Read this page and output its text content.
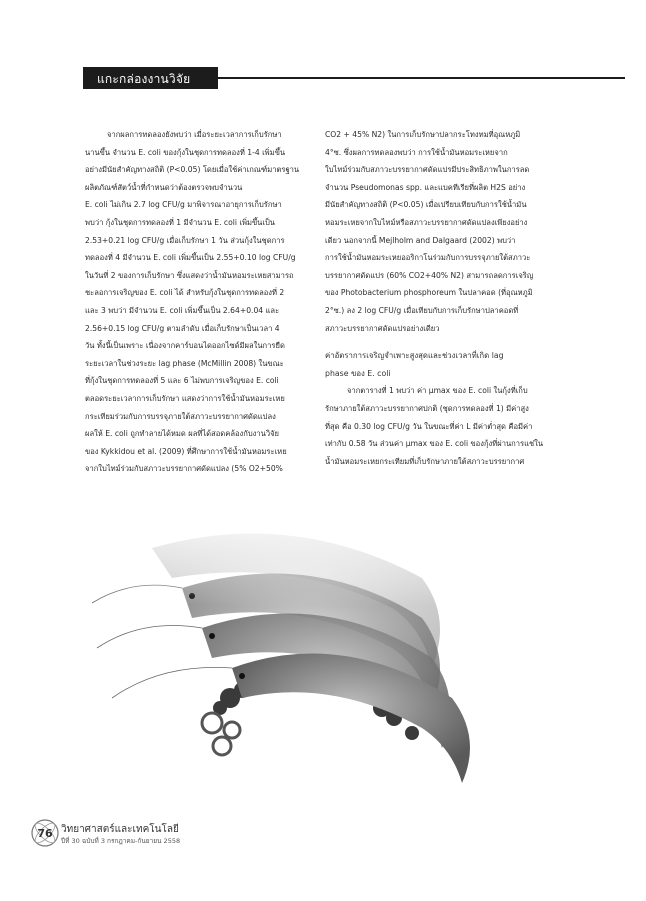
แกะกล่องงานวิจัย
จากผลการทดลองยังพบว่า เมื่อระยะเวลาการเก็บรักษา
นานขึ้น จำนวน E. coli ของกุ้งในชุดการทดลองที่ 1-4 เพิ่มขึ้น
อย่างมีนัยสำคัญทางสถิติ (P<0.05) โดยเมื่อใช้ค่าเกณฑ์มาตรฐาน
ผลิตภัณฑ์สัตว์น้ำที่กำหนดว่าต้องตรวจพบจำนวน
E. coli ไม่เกิน 2.7 log CFU/g มาพิจารณาอายุการเก็บรักษา
พบว่า กุ้งในชุดการทดลองที่ 1 มีจำนวน E. coli เพิ่มขึ้นเป็น
2.53+0.21 log CFU/g เมื่อเก็บรักษา 1 วัน ส่วนกุ้งในชุดการ
ทดลองที่ 4 มีจำนวน E. coli เพิ่มขึ้นเป็น 2.55+0.10 log CFU/g
ในวันที่ 2 ของการเก็บรักษา ซึ่งแสดงว่าน้ำมันหอมระเหยสามารถ
ชะลอการเจริญของ E. coli ได้ สำหรับกุ้งในชุดการทดลองที่ 2
และ 3 พบว่า มีจำนวน E. coli เพิ่มขึ้นเป็น 2.64+0.04 และ
2.56+0.15 log CFU/g ตามลำดับ เมื่อเก็บรักษาเป็นเวลา 4
วัน ทั้งนี้เป็นเพราะ เนื่องจากคาร์บอนไดออกไซด์มีผลในการยืด
ระยะเวลาในช่วงระยะ lag phase (McMillin 2008) ในขณะ
ที่กุ้งในชุดการทดลองที่ 5 และ 6 ไม่พบการเจริญของ E. coli
ตลอดระยะเวลาการเก็บรักษา แสดงว่าการใช้น้ำมันหอมระเหย
กระเทียมร่วมกับการบรรจุภายใต้สภาวะบรรยากาศดัดแปลง
ผลให้ E. coli ถูกทำลายได้หมด ผลที่ได้สอดคล้องกับงานวิจัย
ของ Kykkidou et al. (2009) ที่ศึกษาการใช้น้ำมันหอมระเหย
จากใบไทม์ร่วมกับสภาวะบรรยากาศดัดแปลง (5% O2+50%
CO2 + 45% N2) ในการเก็บรักษาปลากระโทงทมที่อุณหภูมิ
4°ซ. ซึ่งผลการทดลองพบว่า การใช้น้ำมันหอมระเหยจาก
ใบไทม์ร่วมกับสภาวะบรรยากาศดัดแปรมีประสิทธิภาพในการลด
จำนวน Pseudomonas spp. และแบคทีเรียที่ผลิต H2S อย่าง
มีนัยสำคัญทางสถิติ (P<0.05) เมื่อเปรียบเทียบกับการใช้น้ำมัน
หอมระเหยจากใบไทม์หรือสภาวะบรรยากาศดัดแปลงเพียงอย่าง
เดียว นอกจากนี้ Mejlholm and Dalgaard (2002) พบว่า
การใช้น้ำมันหอมระเหยออริกาโนร่วมกับการบรรจุภายใต้สภาวะ
บรรยากาศดัดแปร (60% CO2+40% N2) สามารถลดการเจริญ
ของ Photobacterium phosphoreum ในปลาคอด (ที่อุณหภูมิ
2°ซ.) ลง 2 log CFU/g เมื่อเทียบกับการเก็บรักษาปลาคอดที่
สภาวะบรรยากาศดัดแปรอย่างเดียว
ค่าอัตราการเจริญจำเพาะสูงสุดและช่วงเวลาที่เกิด lag
phase ของ E. coli
จากตารางที่ 1 พบว่า ค่า μmax ของ E. coli ในกุ้งที่เก็บ
รักษาภายใต้สภาวะบรรยากาศปกติ (ชุดการทดลองที่ 1) มีค่าสูง
ที่สุด คือ 0.30 log CFU/g วัน ในขณะที่ค่า L มีค่าต่ำสุด คือมีค่า
เท่ากับ 0.58 วัน ส่วนค่า μmax ของ E. coli ของกุ้งที่ผ่านการแช่ใน
น้ำมันหอมระเหยกระเทียมที่เก็บรักษาภายใต้สภาวะบรรยากาศ
76 วิทยาศาสตร์และเทคโนโลยี
ปีที่ 30 ฉบับที่ 3 กรกฎาคม-กันยายน 2558
